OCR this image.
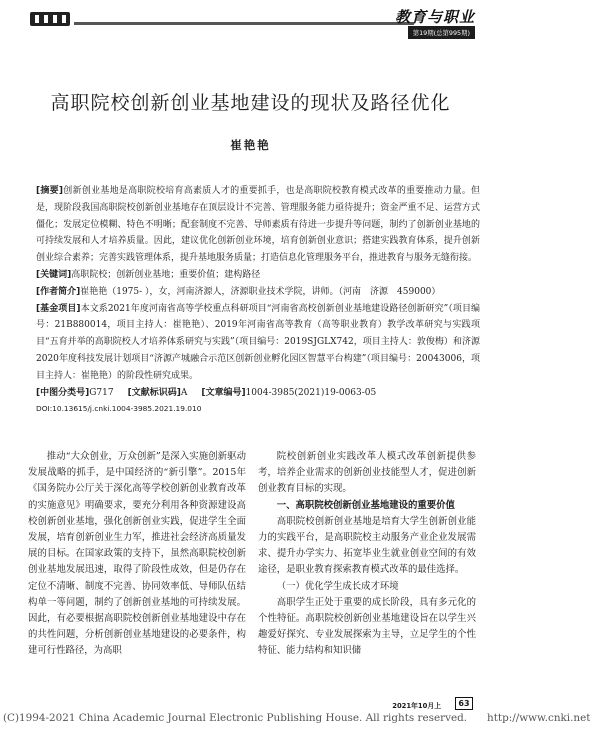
教育与职业
第19期(总第995期)
高职院校创新创业基地建设的现状及路径优化
崔艳艳

[摘要]创新创业基地是高职院校培育高素质人才的重要抓手，也是高职院校教育模式改革的重要推动力量。但是，现阶段我国高职院校创新创业基地存在顶层设计不完善、管理服务能力亟待提升；资金严重不足、运营方式僵化；发展定位模糊、特色不明晰；配套制度不完善、导师素质有待进一步提升等问题，制约了创新创业基地的可持续发展和人才培养质量。因此，建议优化创新创业环境，培育创新创业意识；搭建实践教育体系，提升创新创业综合素养；完善实践管理体系，提升基地服务质量；打造信息化管理服务平台，推进教育与服务无缝衔接。

[关键词]高职院校；创新创业基地；重要价值；建构路径

[作者简介]崔艳艳（1975- ），女，河南济源人，济源职业技术学院，讲师。（河南　济源　459000）

[基金项目]本文系2021年度河南省高等学校重点科研项目“河南省高校创新创业基地建设路径创新研究”（项目编号：21B880014，项目主持人：崔艳艳）、2019年河南省高等教育（高等职业教育）教学改革研究与实践项目“五育并举的高职院校人才培养体系研究与实践”（项目编号：2019SJGLX742，项目主持人：敦俊梅）和济源2020年度科技发展计划项目“济源产城融合示范区创新创业孵化园区智慧平台构建”（项目编号：20043006，项目主持人：崔艳艳）的阶段性研究成果。

[中图分类号]G717 [文献标识码]A [文章编号]1004-3985(2021)19-0063-05
DOI:10.13615/j.cnki.1004-3985.2021.19.010

推动“大众创业，万众创新”是深入实施创新驱动发展战略的抓手，是中国经济的“新引擎”。2015年《国务院办公厅关于深化高等学校创新创业教育改革的实施意见》明确要求，要充分利用各种资源建设高校创新创业基地，强化创新创业实践，促进学生全面发展，培育创新创业生力军，推进社会经济高质量发展的目标。在国家政策的支持下，虽然高职院校创新创业基地发展迅速，取得了阶段性成效，但是仍存在定位不清晰、制度不完善、协同效率低、导师队伍结构单一等问题，制约了创新创业基地的可持续发展。因此，有必要根据高职院校创新创业基地建设中存在的共性问题，分析创新创业基地建设的必要条件，构建可行性路径，为高职

院校创新创业实践改革人模式改革创新提供参考，培养企业需求的创新创业技能型人才，促进创新创业教育目标的实现。

一、高职院校创新创业基地建设的重要价值

高职院校创新创业基地是培育大学生创新创业能力的实践平台，是高职院校主动服务产业企业发展需求、提升办学实力、拓宽毕业生就业创业空间的有效途径，是职业教育探索教育模式改革的最佳选择。

（一）优化学生成长成才环境

高职学生正处于重要的成长阶段，具有多元化的个性特征。高职院校创新创业基地建设旨在以学生兴趣爱好探究、专业发展探索为主导，立足学生的个性特征、能力结构和知识储

2021年10月上	63
(C)1994-2021 China Academic Journal Electronic Publishing House. All rights reserved. http://www.cnki.net
